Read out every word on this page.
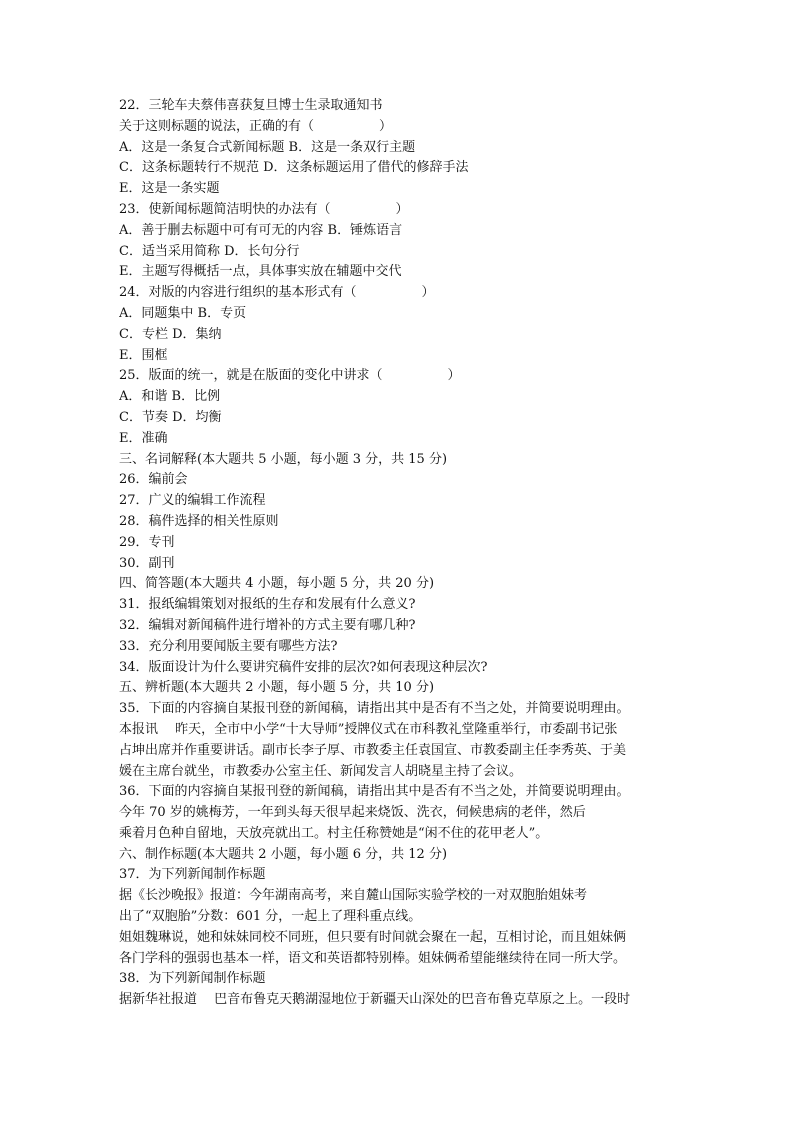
22．三轮车夫蔡伟喜获复旦博士生录取通知书
关于这则标题的说法，正确的有（　　　　　）
A．这是一条复合式新闻标题 B．这是一条双行主题
C．这条标题转行不规范 D．这条标题运用了借代的修辞手法
E．这是一条实题
23．使新闻标题简洁明快的办法有（　　　　　）
A．善于删去标题中可有可无的内容 B．锤炼语言
C．适当采用简称 D．长句分行
E．主题写得概括一点，具体事实放在辅题中交代
24．对版的内容进行组织的基本形式有（　　　　　）
A．同题集中 B．专页
C．专栏 D．集纳
E．围框
25．版面的统一，就是在版面的变化中讲求（　　　　　）
A．和谐 B．比例
C．节奏 D．均衡
E．准确
三、名词解释(本大题共 5 小题，每小题 3 分，共 15 分)
26．编前会
27．广义的编辑工作流程
28．稿件选择的相关性原则
29．专刊
30．副刊
四、简答题(本大题共 4 小题，每小题 5 分，共 20 分)
31．报纸编辑策划对报纸的生存和发展有什么意义?
32．编辑对新闻稿件进行增补的方式主要有哪几种?
33．充分利用要闻版主要有哪些方法?
34．版面设计为什么要讲究稿件安排的层次?如何表现这种层次?
五、辨析题(本大题共 2 小题，每小题 5 分，共 10 分)
35．下面的内容摘自某报刊登的新闻稿，请指出其中是否有不当之处，并简要说明理由。
本报讯　 昨天，全市中小学“十大导师”授牌仪式在市科教礼堂隆重举行，市委副书记张
占坤出席并作重要讲话。副市长李子厚、市教委主任袁国宣、市教委副主任李秀英、于美
媛在主席台就坐，市教委办公室主任、新闻发言人胡晓星主持了会议。
36．下面的内容摘自某报刊登的新闻稿，请指出其中是否有不当之处，并简要说明理由。
今年 70 岁的姚梅芳，一年到头每天很早起来烧饭、洗衣，伺候患病的老伴，然后
乘着月色种自留地，天放亮就出工。村主任称赞她是“闲不住的花甲老人”。
六、制作标题(本大题共 2 小题，每小题 6 分，共 12 分)
37．为下列新闻制作标题
据《长沙晚报》报道：今年湖南高考，来自麓山国际实验学校的一对双胞胎姐妹考
出了“双胞胎”分数：601 分，一起上了理科重点线。
姐姐魏琳说，她和妹妹同校不同班，但只要有时间就会聚在一起，互相讨论，而且姐妹俩
各门学科的强弱也基本一样，语文和英语都特别棒。姐妹俩希望能继续待在同一所大学。
38．为下列新闻制作标题
据新华社报道　 巴音布鲁克天鹅湖湿地位于新疆天山深处的巴音布鲁克草原之上。一段时
